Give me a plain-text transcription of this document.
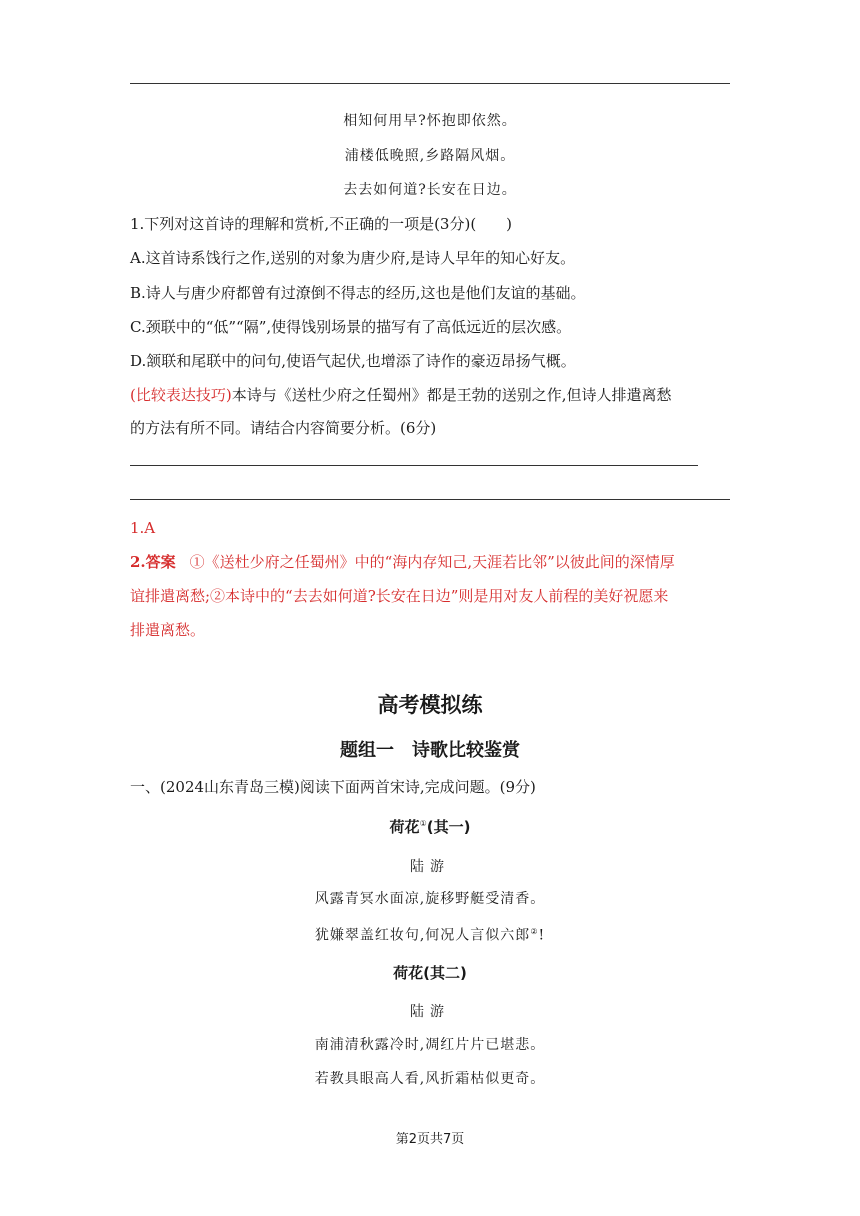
相知何用早?怀抱即依然。
浦楼低晚照,乡路隔风烟。
去去如何道?长安在日边。
1.下列对这首诗的理解和赏析,不正确的一项是(3分)(　　)
A.这首诗系饯行之作,送别的对象为唐少府,是诗人早年的知心好友。
B.诗人与唐少府都曾有过潦倒不得志的经历,这也是他们友谊的基础。
C.颈联中的“低”“隔”,使得饯别场景的描写有了高低远近的层次感。
D.颔联和尾联中的问句,使语气起伏,也增添了诗作的豪迈昂扬气概。
(比较表达技巧)本诗与《送杜少府之任蜀州》都是王勃的送别之作,但诗人排遣离愁
的方法有所不同。请结合内容简要分析。(6分)
1.A
2.答案 ①《送杜少府之任蜀州》中的“海内存知己,天涯若比邻”以彼此间的深情厚
谊排遣离愁;②本诗中的“去去如何道?长安在日边”则是用对友人前程的美好祝愿来
排遣离愁。
高考模拟练
题组一　诗歌比较鉴赏
一、(2024山东青岛三模)阅读下面两首宋诗,完成问题。(9分)
荷花①(其一)
陆游
风露青冥水面凉,旋移野艇受清香。
犹嫌翠盖红妆句,何况人言似六郎②!
荷花(其二)
陆游
南浦清秋露冷时,凋红片片已堪悲。
若教具眼高人看,风折霜枯似更奇。
第2页共7页
